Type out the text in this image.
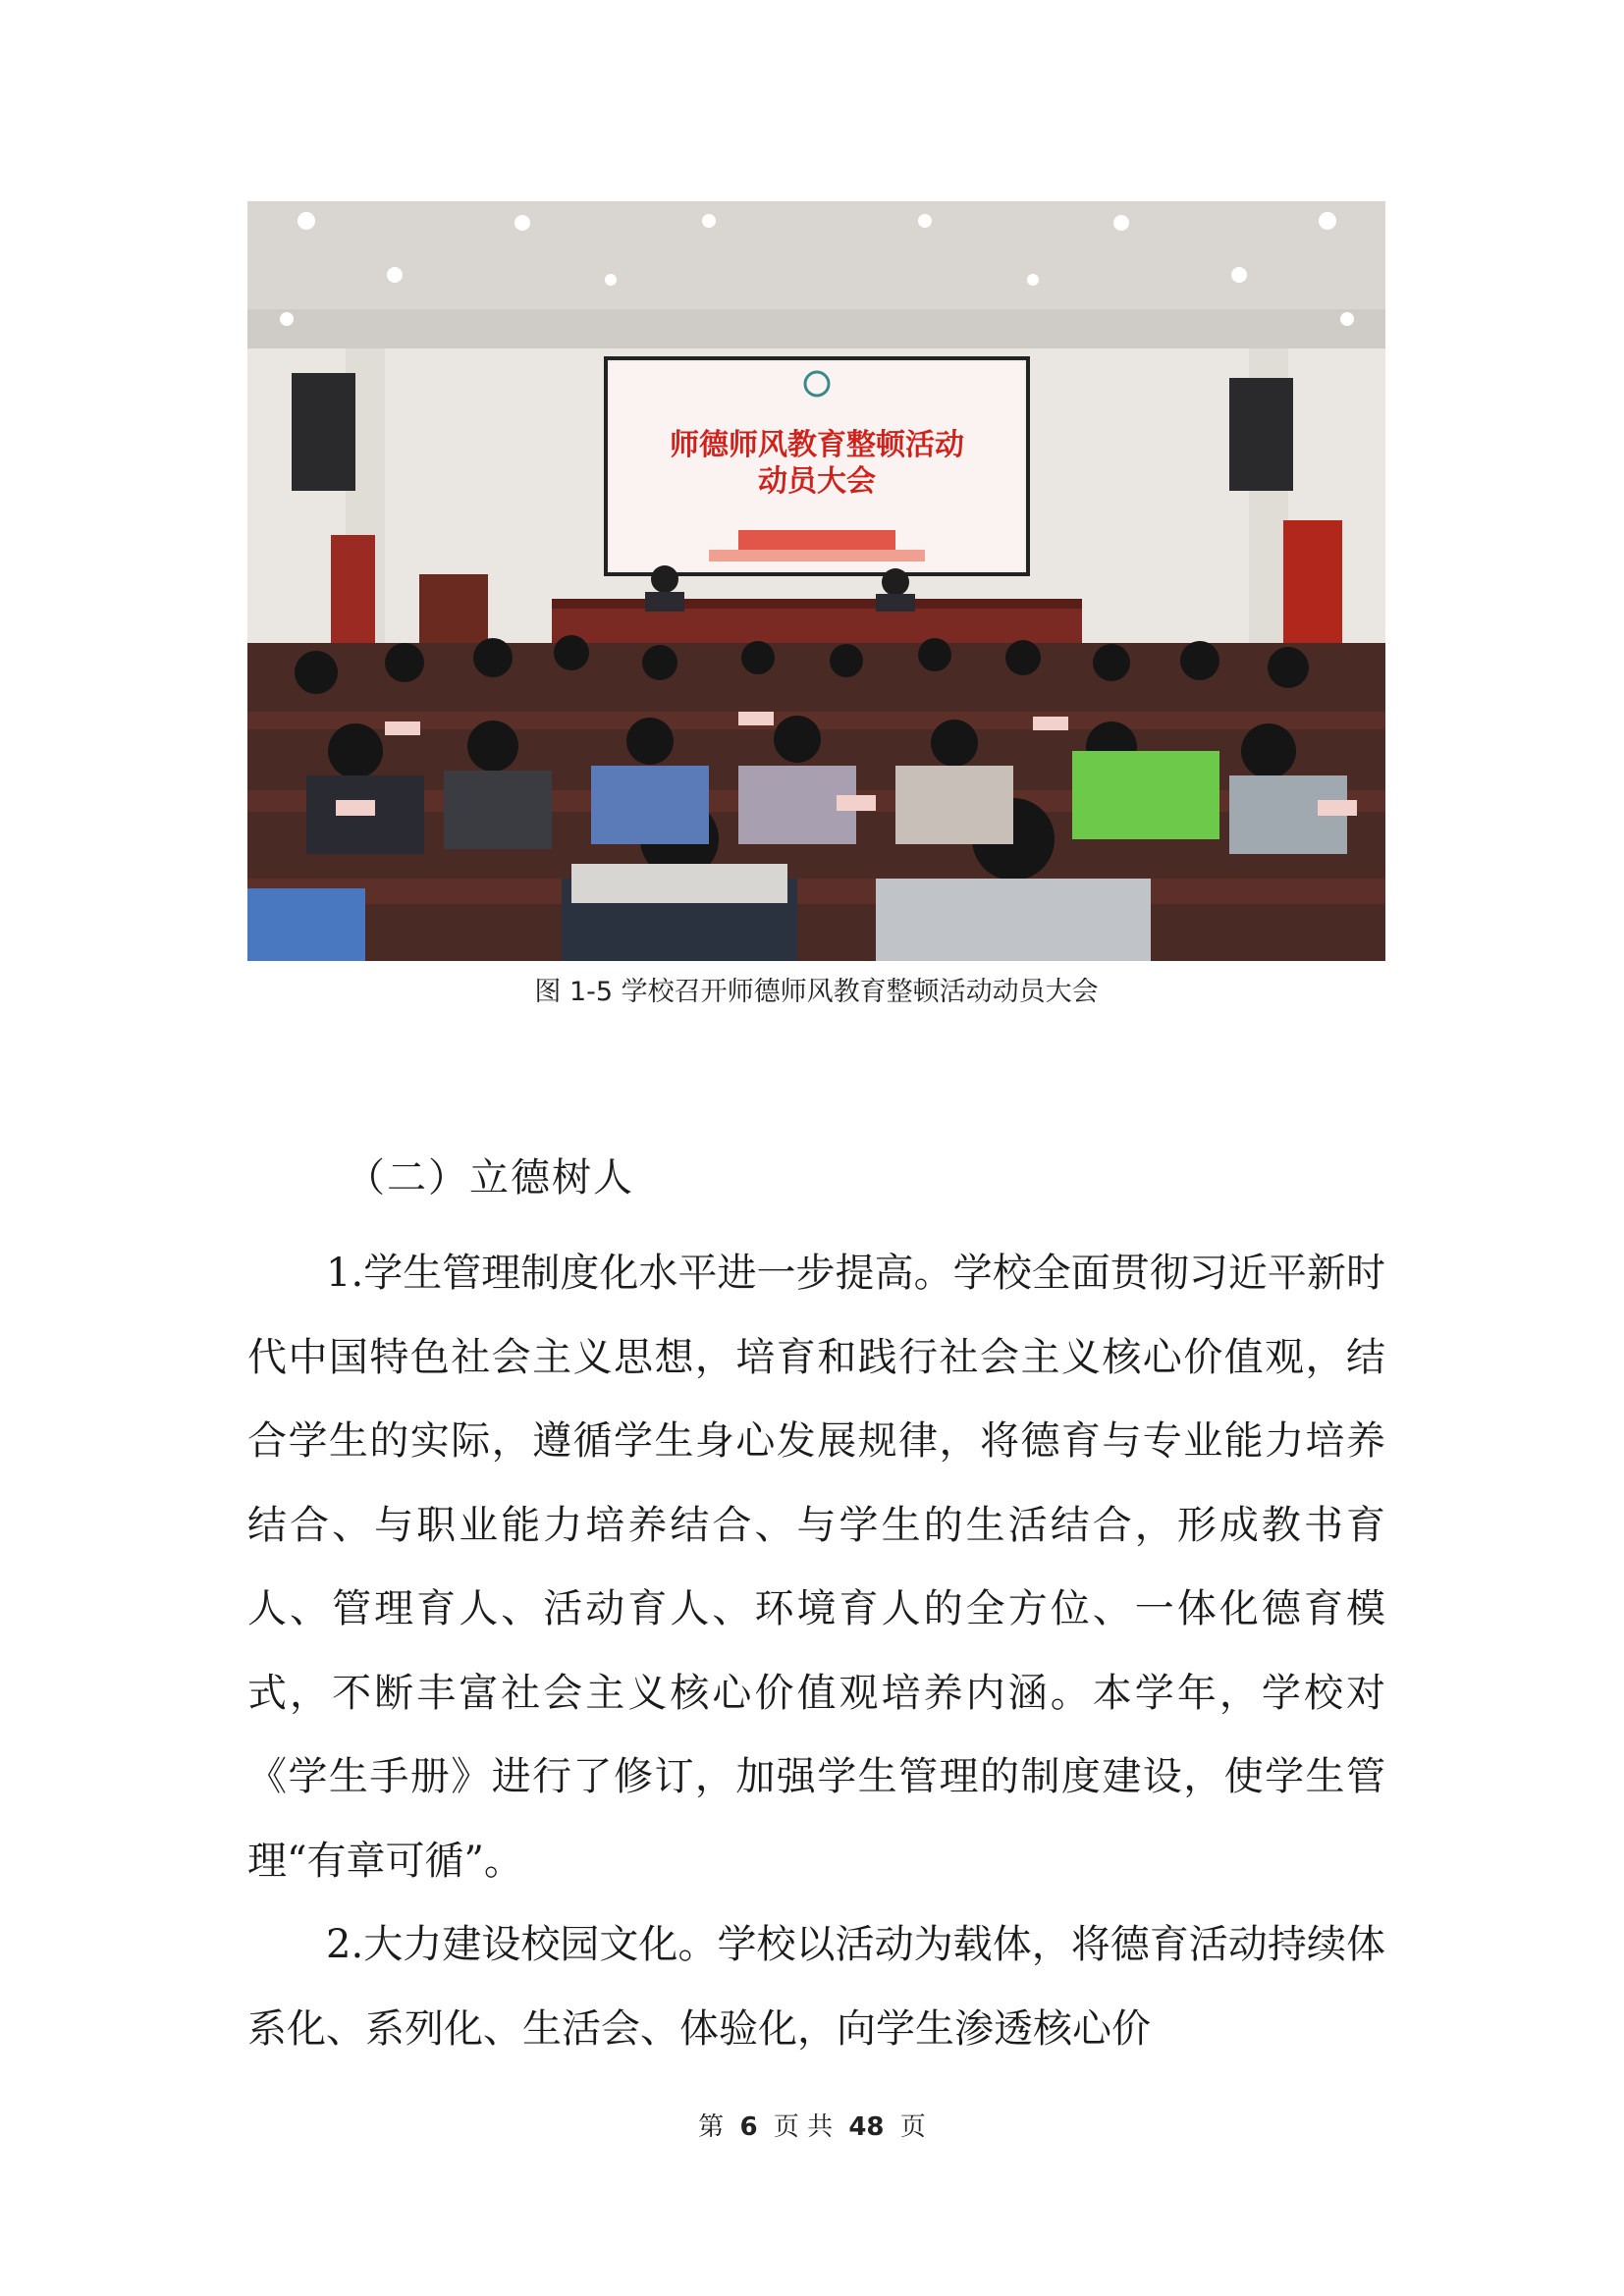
师德师风教育整顿活动
动员大会
图 1-5 学校召开师德师风教育整顿活动动员大会
（二）立德树人

1.学生管理制度化水平进一步提高。学校全面贯彻习近平新时代中国特色社会主义思想，培育和践行社会主义核心价值观，结合学生的实际，遵循学生身心发展规律，将德育与专业能力培养结合、与职业能力培养结合、与学生的生活结合，形成教书育人、管理育人、活动育人、环境育人的全方位、一体化德育模式，不断丰富社会主义核心价值观培养内涵。本学年，学校对《学生手册》进行了修订，加强学生管理的制度建设，使学生管理“有章可循”。

2.大力建设校园文化。学校以活动为载体，将德育活动持续体系化、系列化、生活会、体验化，向学生渗透核心价

第 6 页 共 48 页
